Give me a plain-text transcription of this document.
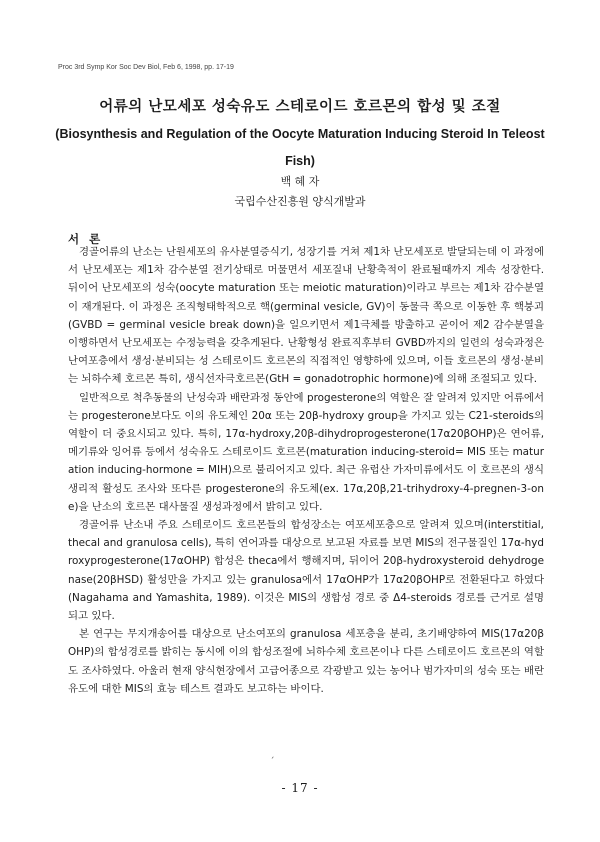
Proc 3rd Symp Kor Soc Dev Biol, Feb 6, 1998, pp. 17-19
어류의 난모세포 성숙유도 스테로이드 호르몬의 합성 및 조절
(Biosynthesis and Regulation of the Oocyte Maturation Inducing Steroid In Teleost Fish)
백 혜 자
국립수산진흥원 양식개발과
서 론

경골어류의 난소는 난원세포의 유사분열증식기, 성장기를 거쳐 제1차 난모세포로 발달되는데 이 과정에서 난모세포는 제1차 감수분열 전기상태로 머물면서 세포질내 난황축적이 완료될때까지 계속 성장한다. 뒤이어 난모세포의 성숙(oocyte maturation 또는 meiotic maturation)이라고 부르는 제1차 감수분열이 재개된다. 이 과정은 조직형태학적으로 핵(germinal vesicle, GV)이 동물극 쪽으로 이동한 후 핵붕괴(GVBD = germinal vesicle break down)을 일으키면서 제1극체를 방출하고 곧이어 제2 감수분열을 이행하면서 난모세포는 수정능력을 갖추게된다. 난황형성 완료직후부터 GVBD까지의 일련의 성숙과정은 난여포층에서 생성·분비되는 성 스테로이드 호르몬의 직접적인 영향하에 있으며, 이들 호르몬의 생성·분비는 뇌하수체 호르몬 특히, 생식선자극호르몬(GtH = gonadotrophic hormone)에 의해 조절되고 있다.

일반적으로 척추동물의 난성숙과 배란과정 동안에 progesterone의 역할은 잘 알려져 있지만 어류에서는 progesterone보다도 이의 유도체인 20α 또는 20β-hydroxy group을 가지고 있는 C21-steroids의 역할이 더 중요시되고 있다. 특히, 17α-hydroxy,20β-dihydroprogesterone(17α20βOHP)은 연어류, 메기류와 잉어류 등에서 성숙유도 스테로이드 호르몬(maturation inducing-steroid= MIS 또는 maturation inducing-hormone = MIH)으로 불리어지고 있다. 최근 유럽산 가자미류에서도 이 호르몬의 생식생리적 활성도 조사와 또다른 progesterone의 유도체(ex. 17α,20β,21-trihydroxy-4-pregnen-3-one)을 난소의 호르몬 대사물질 생성과정에서 밝히고 있다.

경골어류 난소내 주요 스테로이드 호르몬들의 합성장소는 여포세포층으로 알려져 있으며(interstitial, thecal and granulosa cells), 특히 연어과를 대상으로 보고된 자료를 보면 MIS의 전구물질인 17α-hydroxyprogesterone(17αOHP) 합성은 theca에서 행해지며, 뒤이어 20β-hydroxysteroid dehydrogenase(20βHSD) 활성만을 가지고 있는 granulosa에서 17αOHP가 17α20βOHP로 전환된다고 하였다(Nagahama and Yamashita, 1989). 이것은 MIS의 생합성 경로 중 Δ4-steroids 경로를 근거로 설명되고 있다.

본 연구는 무지개송어를 대상으로 난소여포의 granulosa 세포층을 분리, 초기배양하여 MIS(17α20βOHP)의 합성경로를 밝히는 동시에 이의 합성조절에 뇌하수체 호르몬이나 다른 스테로이드 호르몬의 역할도 조사하였다. 아울러 현재 양식현장에서 고급어종으로 각광받고 있는 농어나 범가자미의 성숙 또는 배란유도에 대한 MIS의 효능 테스트 결과도 보고하는 바이다.

ˊ
- 17 -
